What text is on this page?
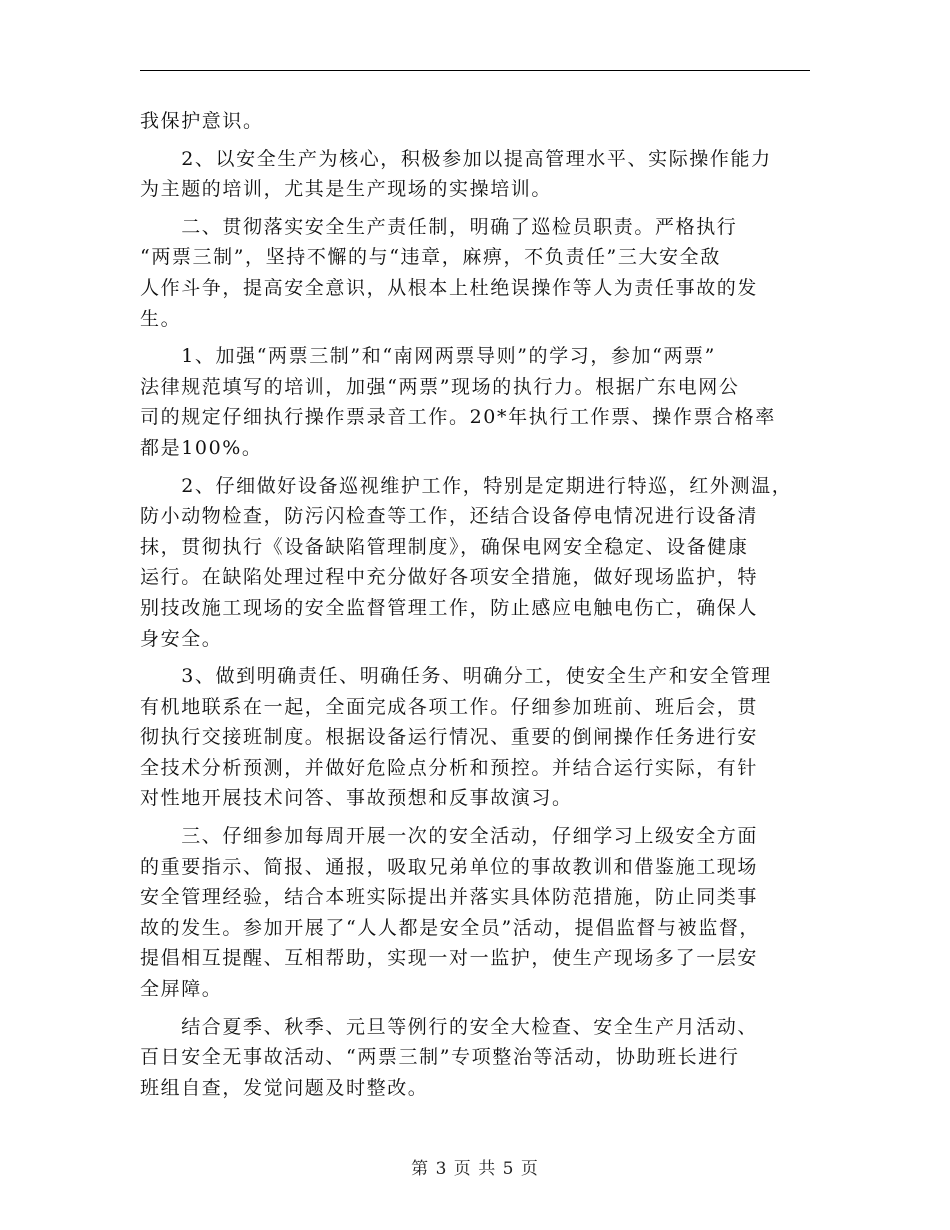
我保护意识。
　　2、以安全生产为核心，积极参加以提高管理水平、实际操作能力
为主题的培训，尤其是生产现场的实操培训。
　　二、贯彻落实安全生产责任制，明确了巡检员职责。严格执行
“两票三制”，坚持不懈的与“违章，麻痹，不负责任”三大安全敌
人作斗争，提高安全意识，从根本上杜绝误操作等人为责任事故的发
生。
　　1、加强“两票三制”和“南网两票导则”的学习，参加“两票”
法律规范填写的培训，加强“两票”现场的执行力。根据广东电网公
司的规定仔细执行操作票录音工作。20*年执行工作票、操作票合格率
都是100%。
　　2、仔细做好设备巡视维护工作，特别是定期进行特巡，红外测温，
防小动物检查，防污闪检查等工作，还结合设备停电情况进行设备清
抹，贯彻执行《设备缺陷管理制度》，确保电网安全稳定、设备健康
运行。在缺陷处理过程中充分做好各项安全措施，做好现场监护，特
别技改施工现场的安全监督管理工作，防止感应电触电伤亡，确保人
身安全。
　　3、做到明确责任、明确任务、明确分工，使安全生产和安全管理
有机地联系在一起，全面完成各项工作。仔细参加班前、班后会，贯
彻执行交接班制度。根据设备运行情况、重要的倒闸操作任务进行安
全技术分析预测，并做好危险点分析和预控。并结合运行实际，有针
对性地开展技术问答、事故预想和反事故演习。
　　三、仔细参加每周开展一次的安全活动，仔细学习上级安全方面
的重要指示、简报、通报，吸取兄弟单位的事故教训和借鉴施工现场
安全管理经验，结合本班实际提出并落实具体防范措施，防止同类事
故的发生。参加开展了“人人都是安全员”活动，提倡监督与被监督，
提倡相互提醒、互相帮助，实现一对一监护，使生产现场多了一层安
全屏障。
　　结合夏季、秋季、元旦等例行的安全大检查、安全生产月活动、
百日安全无事故活动、“两票三制”专项整治等活动，协助班长进行
班组自查，发觉问题及时整改。
第 3 页 共 5 页
